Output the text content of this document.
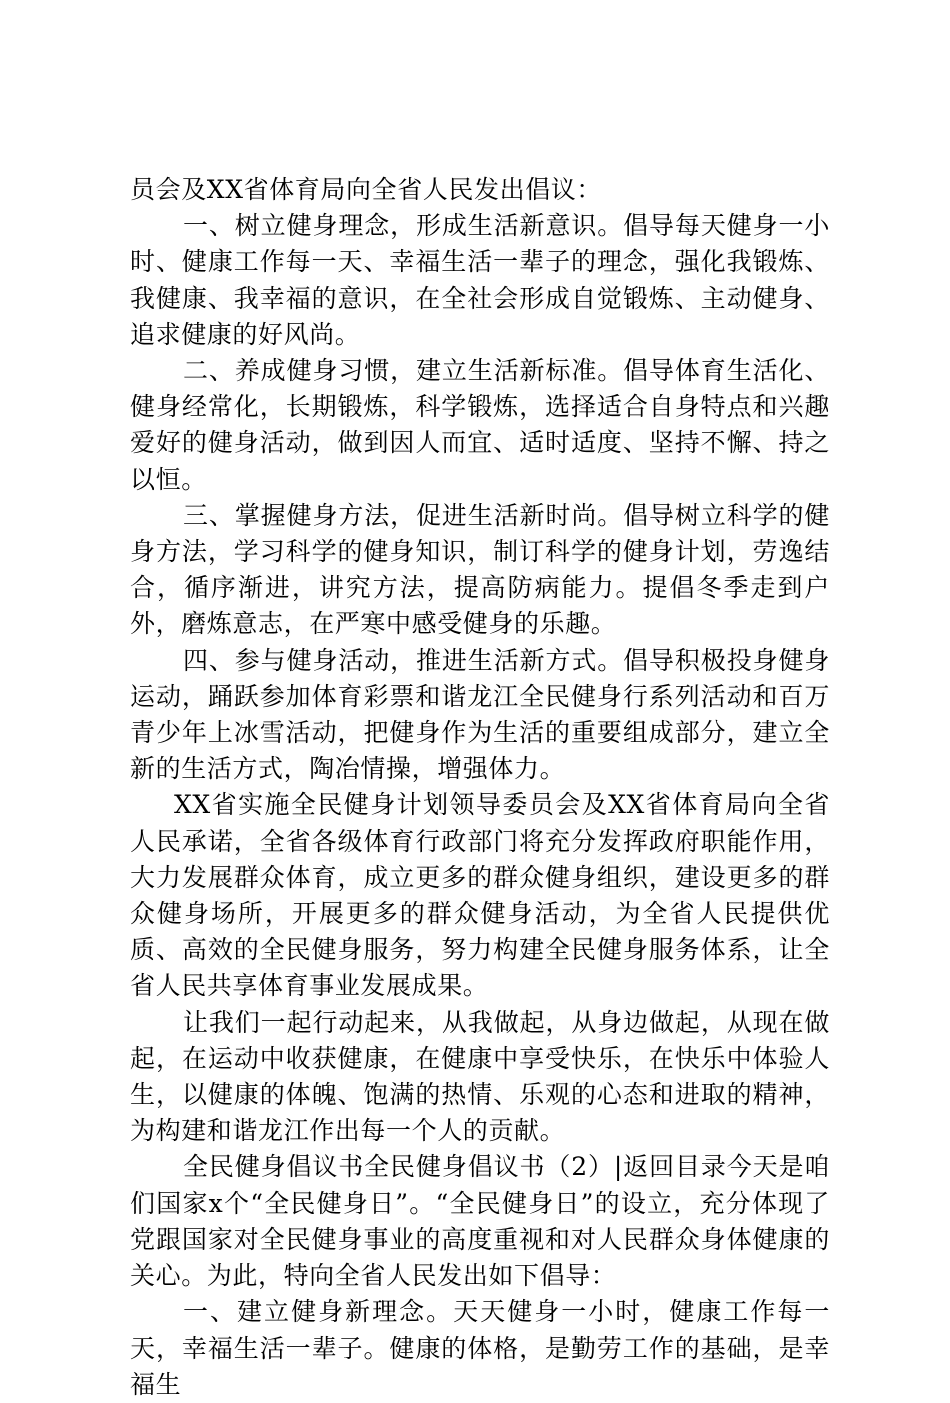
员会及XX省体育局向全省人民发出倡议：

一、树立健身理念，形成生活新意识。倡导每天健身一小时、健康工作每一天、幸福生活一辈子的理念，强化我锻炼、我健康、我幸福的意识，在全社会形成自觉锻炼、主动健身、追求健康的好风尚。

二、养成健身习惯，建立生活新标准。倡导体育生活化、健身经常化，长期锻炼，科学锻炼，选择适合自身特点和兴趣爱好的健身活动，做到因人而宜、适时适度、坚持不懈、持之以恒。

三、掌握健身方法，促进生活新时尚。倡导树立科学的健身方法，学习科学的健身知识，制订科学的健身计划，劳逸结合，循序渐进，讲究方法，提高防病能力。提倡冬季走到户外，磨炼意志，在严寒中感受健身的乐趣。

四、参与健身活动，推进生活新方式。倡导积极投身健身运动，踊跃参加体育彩票和谐龙江全民健身行系列活动和百万青少年上冰雪活动，把健身作为生活的重要组成部分，建立全新的生活方式，陶冶情操，增强体力。

XX省实施全民健身计划领导委员会及XX省体育局向全省人民承诺，全省各级体育行政部门将充分发挥政府职能作用，大力发展群众体育，成立更多的群众健身组织，建设更多的群众健身场所，开展更多的群众健身活动，为全省人民提供优质、高效的全民健身服务，努力构建全民健身服务体系，让全省人民共享体育事业发展成果。

让我们一起行动起来，从我做起，从身边做起，从现在做起，在运动中收获健康，在健康中享受快乐，在快乐中体验人生，以健康的体魄、饱满的热情、乐观的心态和进取的精神，为构建和谐龙江作出每一个人的贡献。

全民健身倡议书全民健身倡议书（2）|返回目录今天是咱们国家x个“全民健身日”。“全民健身日”的设立，充分体现了党跟国家对全民健身事业的高度重视和对人民群众身体健康的关心。为此，特向全省人民发出如下倡导：

一、建立健身新理念。天天健身一小时，健康工作每一天，幸福生活一辈子。健康的体格，是勤劳工作的基础，是幸福生
